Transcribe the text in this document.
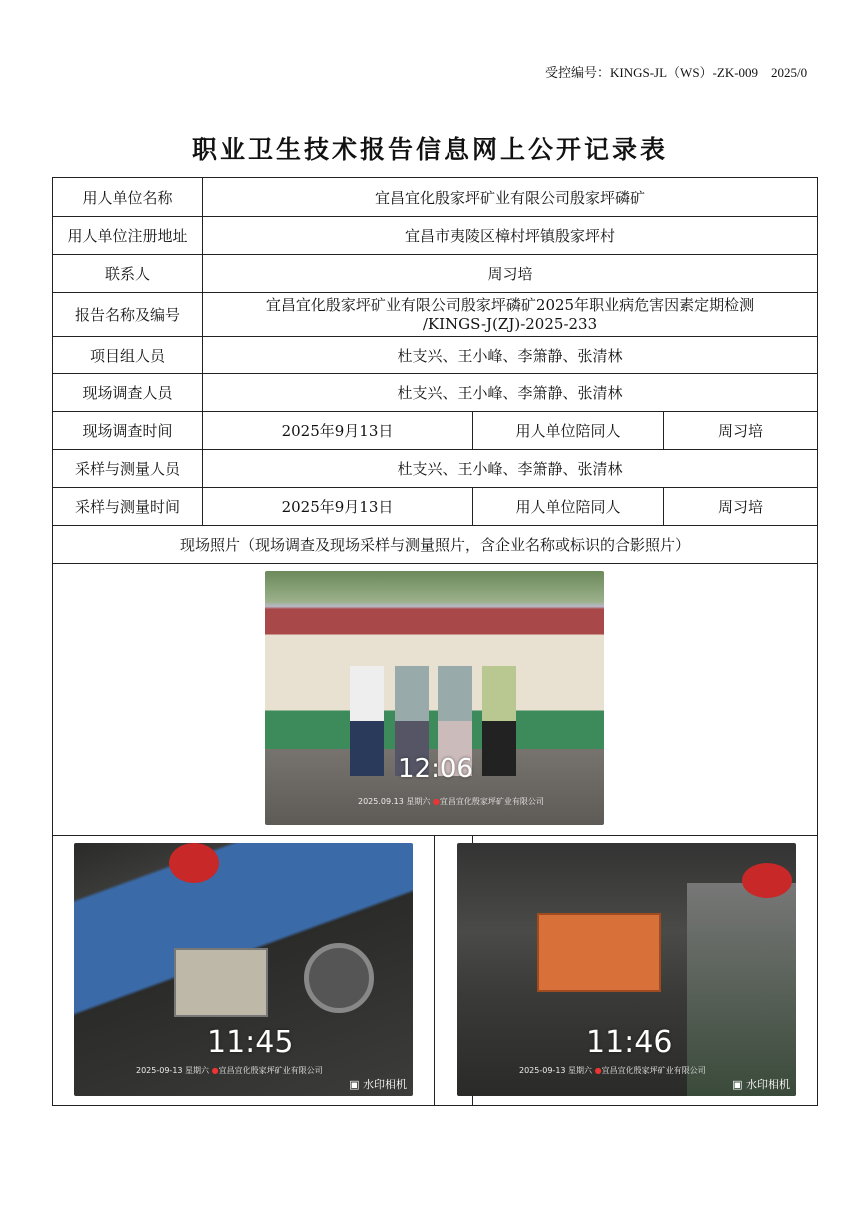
受控编号：KINGS-JL（WS）-ZK-009　2025/0
职业卫生技术报告信息网上公开记录表
用人单位名称	宜昌宜化殷家坪矿业有限公司殷家坪磷矿		
用人单位注册地址	宜昌市夷陵区樟村坪镇殷家坪村		
联系人	周习培		
报告名称及编号	宜昌宜化殷家坪矿业有限公司殷家坪磷矿2025年职业病危害因素定期检测
/KINGS-J(ZJ)-2025-233		

项目组人员	杜支兴、王小峰、李箫静、张清林		
现场调查人员	杜支兴、王小峰、李箫静、张清林		
现场调查时间	2025年9月13日	用人单位陪同人	周习培
采样与测量人员	杜支兴、王小峰、李箫静、张清林		
采样与测量时间	2025年9月13日	用人单位陪同人	周习培
现场照片（现场调查及现场采样与测量照片，含企业名称或标识的合影照片）			

12:06
2025.09.13 星期六 ●宜昌宜化殷家坪矿业有限公司
11:45
2025-09-13 星期六 ●宜昌宜化殷家坪矿业有限公司
▣ 水印相机
11:46
2025-09-13 星期六 ●宜昌宜化殷家坪矿业有限公司
▣ 水印相机
